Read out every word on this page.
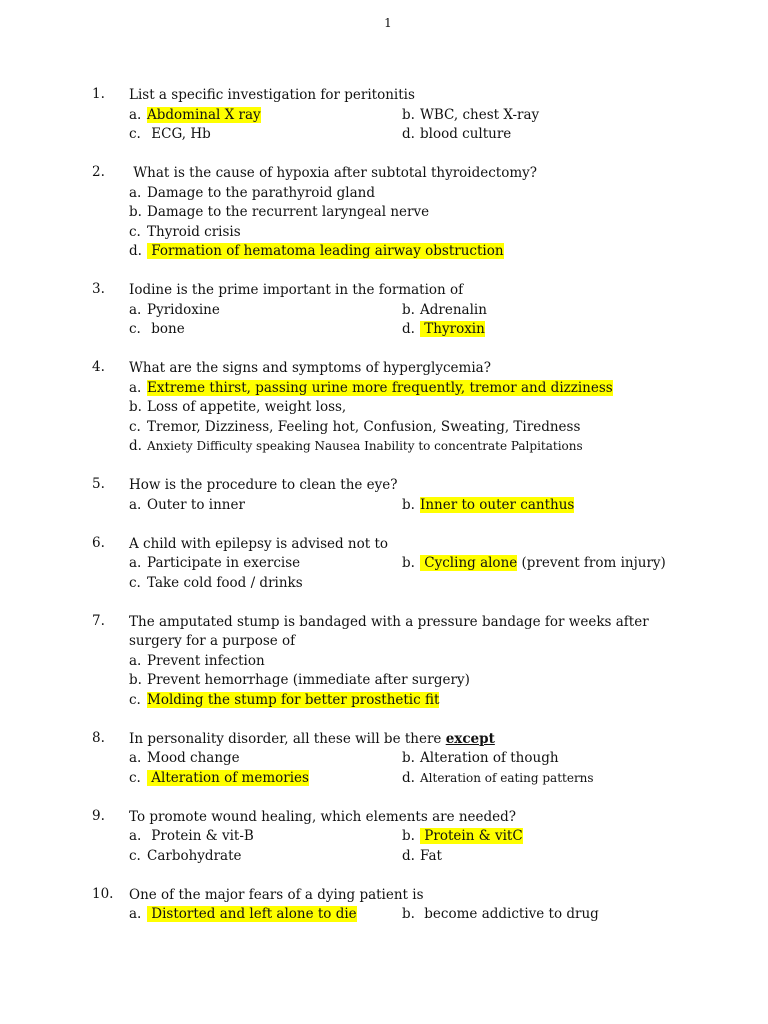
1
1. List a specific investigation for peritonitis
a. Abdominal X ray	b. WBC, chest X-ray
c. ECG, Hb	d. blood culture
2. What is the cause of hypoxia after subtotal thyroidectomy?
a. Damage to the parathyroid gland
b. Damage to the recurrent laryngeal nerve
c. Thyroid crisis
d. Formation of hematoma leading airway obstruction
3. Iodine is the prime important in the formation of
a. Pyridoxine	b. Adrenalin
c. bone	d. Thyroxin
4. What are the signs and symptoms of hyperglycemia?
a. Extreme thirst, passing urine more frequently, tremor and dizziness
b. Loss of appetite, weight loss,
c. Tremor, Dizziness, Feeling hot, Confusion, Sweating, Tiredness
d. Anxiety Difficulty speaking Nausea Inability to concentrate Palpitations
5. How is the procedure to clean the eye?
a. Outer to inner	b. Inner to outer canthus
6. A child with epilepsy is advised not to
a. Participate in exercise	b. Cycling alone (prevent from injury)
c. Take cold food / drinks
7. The amputated stump is bandaged with a pressure bandage for weeks after surgery for a purpose of
a. Prevent infection
b. Prevent hemorrhage (immediate after surgery)
c. Molding the stump for better prosthetic fit
8. In personality disorder, all these will be there except
a. Mood change	b. Alteration of though
c. Alteration of memories	d. Alteration of eating patterns
9. To promote wound healing, which elements are needed?
a. Protein & vit-B	b. Protein & vitC
c. Carbohydrate	d. Fat
10. One of the major fears of a dying patient is
a. Distorted and left alone to die	b. become addictive to drug
